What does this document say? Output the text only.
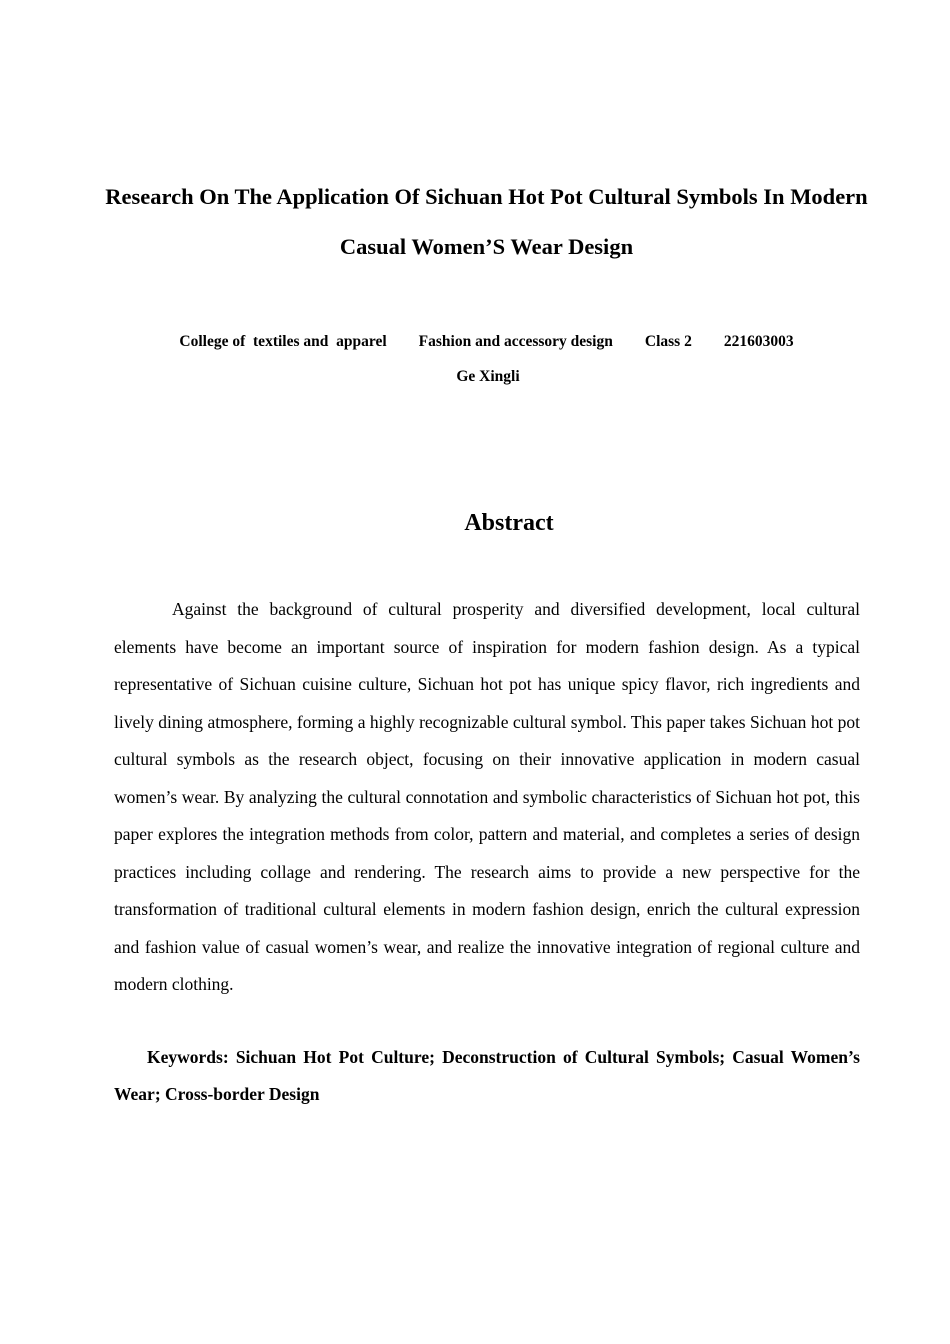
Research On The Application Of Sichuan Hot Pot Cultural Symbols In Modern Casual Women’S Wear Design
College of  textiles and  apparel Fashion and accessory design Class 2 221603003
Ge Xingli
Abstract

Against the background of cultural prosperity and diversified development, local cultural elements have become an important source of inspiration for modern fashion design. As a typical representative of Sichuan cuisine culture, Sichuan hot pot has unique spicy flavor, rich ingredients and lively dining atmosphere, forming a highly recognizable cultural symbol. This paper takes Sichuan hot pot cultural symbols as the research object, focusing on their innovative application in modern casual women’s wear. By analyzing the cultural connotation and symbolic characteristics of Sichuan hot pot, this paper explores the integration methods from color, pattern and material, and completes a series of design practices including collage and rendering. The research aims to provide a new perspective for the transformation of traditional cultural elements in modern fashion design, enrich the cultural expression and fashion value of casual women’s wear, and realize the innovative integration of regional culture and modern clothing.

Keywords: Sichuan Hot Pot Culture; Deconstruction of Cultural Symbols; Casual Women’s Wear; Cross-border Design
